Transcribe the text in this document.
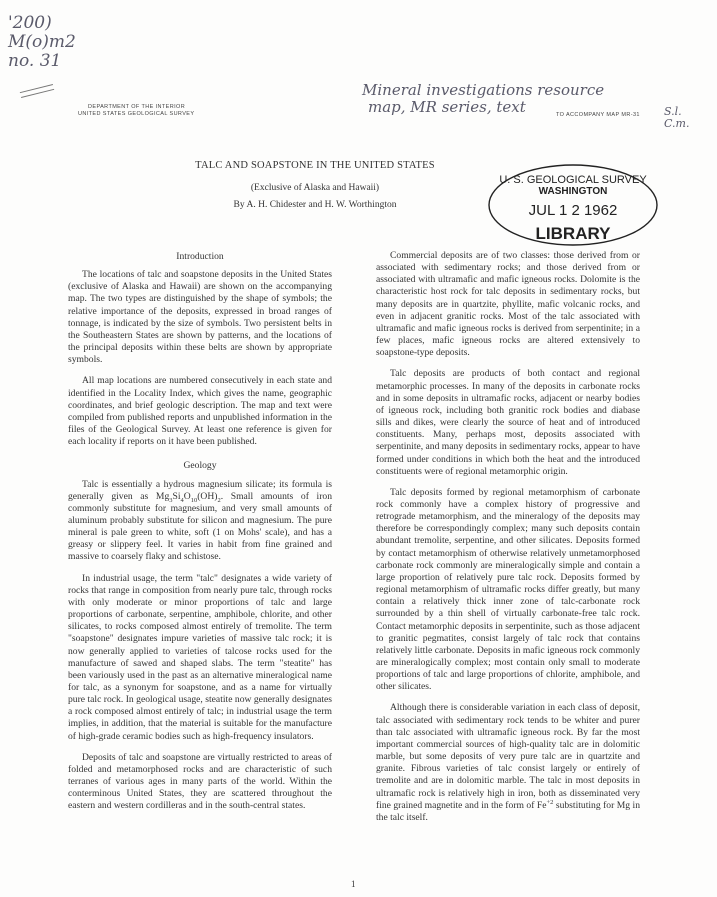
'200)
M(o)m2
no. 31
DEPARTMENT OF THE INTERIOR
UNITED STATES GEOLOGICAL SURVEY
Mineral investigations resource
map, MR series, text	TO ACCOMPANY MAP MR-31 S.l.
C.m.
TALC AND SOAPSTONE IN THE UNITED STATES
(Exclusive of Alaska and Hawaii)
By A. H. Chidester and H. W. Worthington
U. S. GEOLOGICAL SURVEY
WASHINGTON
JUL 1 2 1962
LIBRARY
Introduction

The locations of talc and soapstone deposits in the United States (exclusive of Alaska and Hawaii) are shown on the accompanying map. The two types are distinguished by the shape of symbols; the relative importance of the deposits, expressed in broad ranges of tonnage, is indicated by the size of symbols. Two persistent belts in the Southeastern States are shown by patterns, and the locations of the principal deposits within these belts are shown by appropriate symbols.

All map locations are numbered consecutively in each state and identified in the Locality Index, which gives the name, geographic coordinates, and brief geologic description. The map and text were compiled from published reports and unpublished information in the files of the Geological Survey. At least one reference is given for each locality if reports on it have been published.

Geology

Talc is essentially a hydrous magnesium silicate; its formula is generally given as $Mg_3Si_4O_{10}(OH)_2$. Small amounts of iron commonly substitute for magnesium, and very small amounts of aluminum probably substitute for silicon and magnesium. The pure mineral is pale green to white, soft (1 on Mohs' scale), and has a greasy or slippery feel. It varies in habit from fine grained and massive to coarsely flaky and schistose.

In industrial usage, the term "talc" designates a wide variety of rocks that range in composition from nearly pure talc, through rocks with only moderate or minor proportions of talc and large proportions of carbonate, serpentine, amphibole, chlorite, and other silicates, to rocks composed almost entirely of tremolite. The term "soapstone" designates impure varieties of massive talc rock; it is now generally applied to varieties of talcose rocks used for the manufacture of sawed and shaped slabs. The term "steatite" has been variously used in the past as an alternative mineralogical name for talc, as a synonym for soapstone, and as a name for virtually pure talc rock. In geological usage, steatite now generally designates a rock composed almost entirely of talc; in industrial usage the term implies, in addition, that the material is suitable for the manufacture of high-grade ceramic bodies such as high-frequency insulators.

Deposits of talc and soapstone are virtually restricted to areas of folded and metamorphosed rocks and are characteristic of such terranes of various ages in many parts of the world. Within the conterminous United States, they are scattered throughout the eastern and western cordilleras and in the south-central states.

Commercial deposits are of two classes: those derived from or associated with sedimentary rocks; and those derived from or associated with ultramafic and mafic igneous rocks. Dolomite is the characteristic host rock for talc deposits in sedimentary rocks, but many deposits are in quartzite, phyllite, mafic volcanic rocks, and even in adjacent granitic rocks. Most of the talc associated with ultramafic and mafic igneous rocks is derived from serpentinite; in a few places, mafic igneous rocks are altered extensively to soapstone-type deposits.

Talc deposits are products of both contact and regional metamorphic processes. In many of the deposits in carbonate rocks and in some deposits in ultramafic rocks, adjacent or nearby bodies of igneous rock, including both granitic rock bodies and diabase sills and dikes, were clearly the source of heat and of introduced constituents. Many, perhaps most, deposits associated with serpentinite, and many deposits in sedimentary rocks, appear to have formed under conditions in which both the heat and the introduced constituents were of regional metamorphic origin.

Talc deposits formed by regional metamorphism of carbonate rock commonly have a complex history of progressive and retrograde metamorphism, and the mineralogy of the deposits may therefore be correspondingly complex; many such deposits contain abundant tremolite, serpentine, and other silicates. Deposits formed by contact metamorphism of otherwise relatively unmetamorphosed carbonate rock commonly are mineralogically simple and contain a large proportion of relatively pure talc rock. Deposits formed by regional metamorphism of ultramafic rocks differ greatly, but many contain a relatively thick inner zone of talc-carbonate rock surrounded by a thin shell of virtually carbonate-free talc rock. Contact metamorphic deposits in serpentinite, such as those adjacent to granitic pegmatites, consist largely of talc rock that contains relatively little carbonate. Deposits in mafic igneous rock commonly are mineralogically complex; most contain only small to moderate proportions of talc and large proportions of chlorite, amphibole, and other silicates.

Although there is considerable variation in each class of deposit, talc associated with sedimentary rock tends to be whiter and purer than talc associated with ultramafic igneous rock. By far the most important commercial sources of high-quality talc are in dolomitic marble, but some deposits of very pure talc are in quartzite and granite. Fibrous varieties of talc consist largely or entirely of tremolite and are in dolomitic marble. The talc in most deposits in ultramafic rock is relatively high in iron, both as disseminated very fine grained magnetite and in the form of $Fe^{+2}$ substituting for Mg in the talc itself.

1
